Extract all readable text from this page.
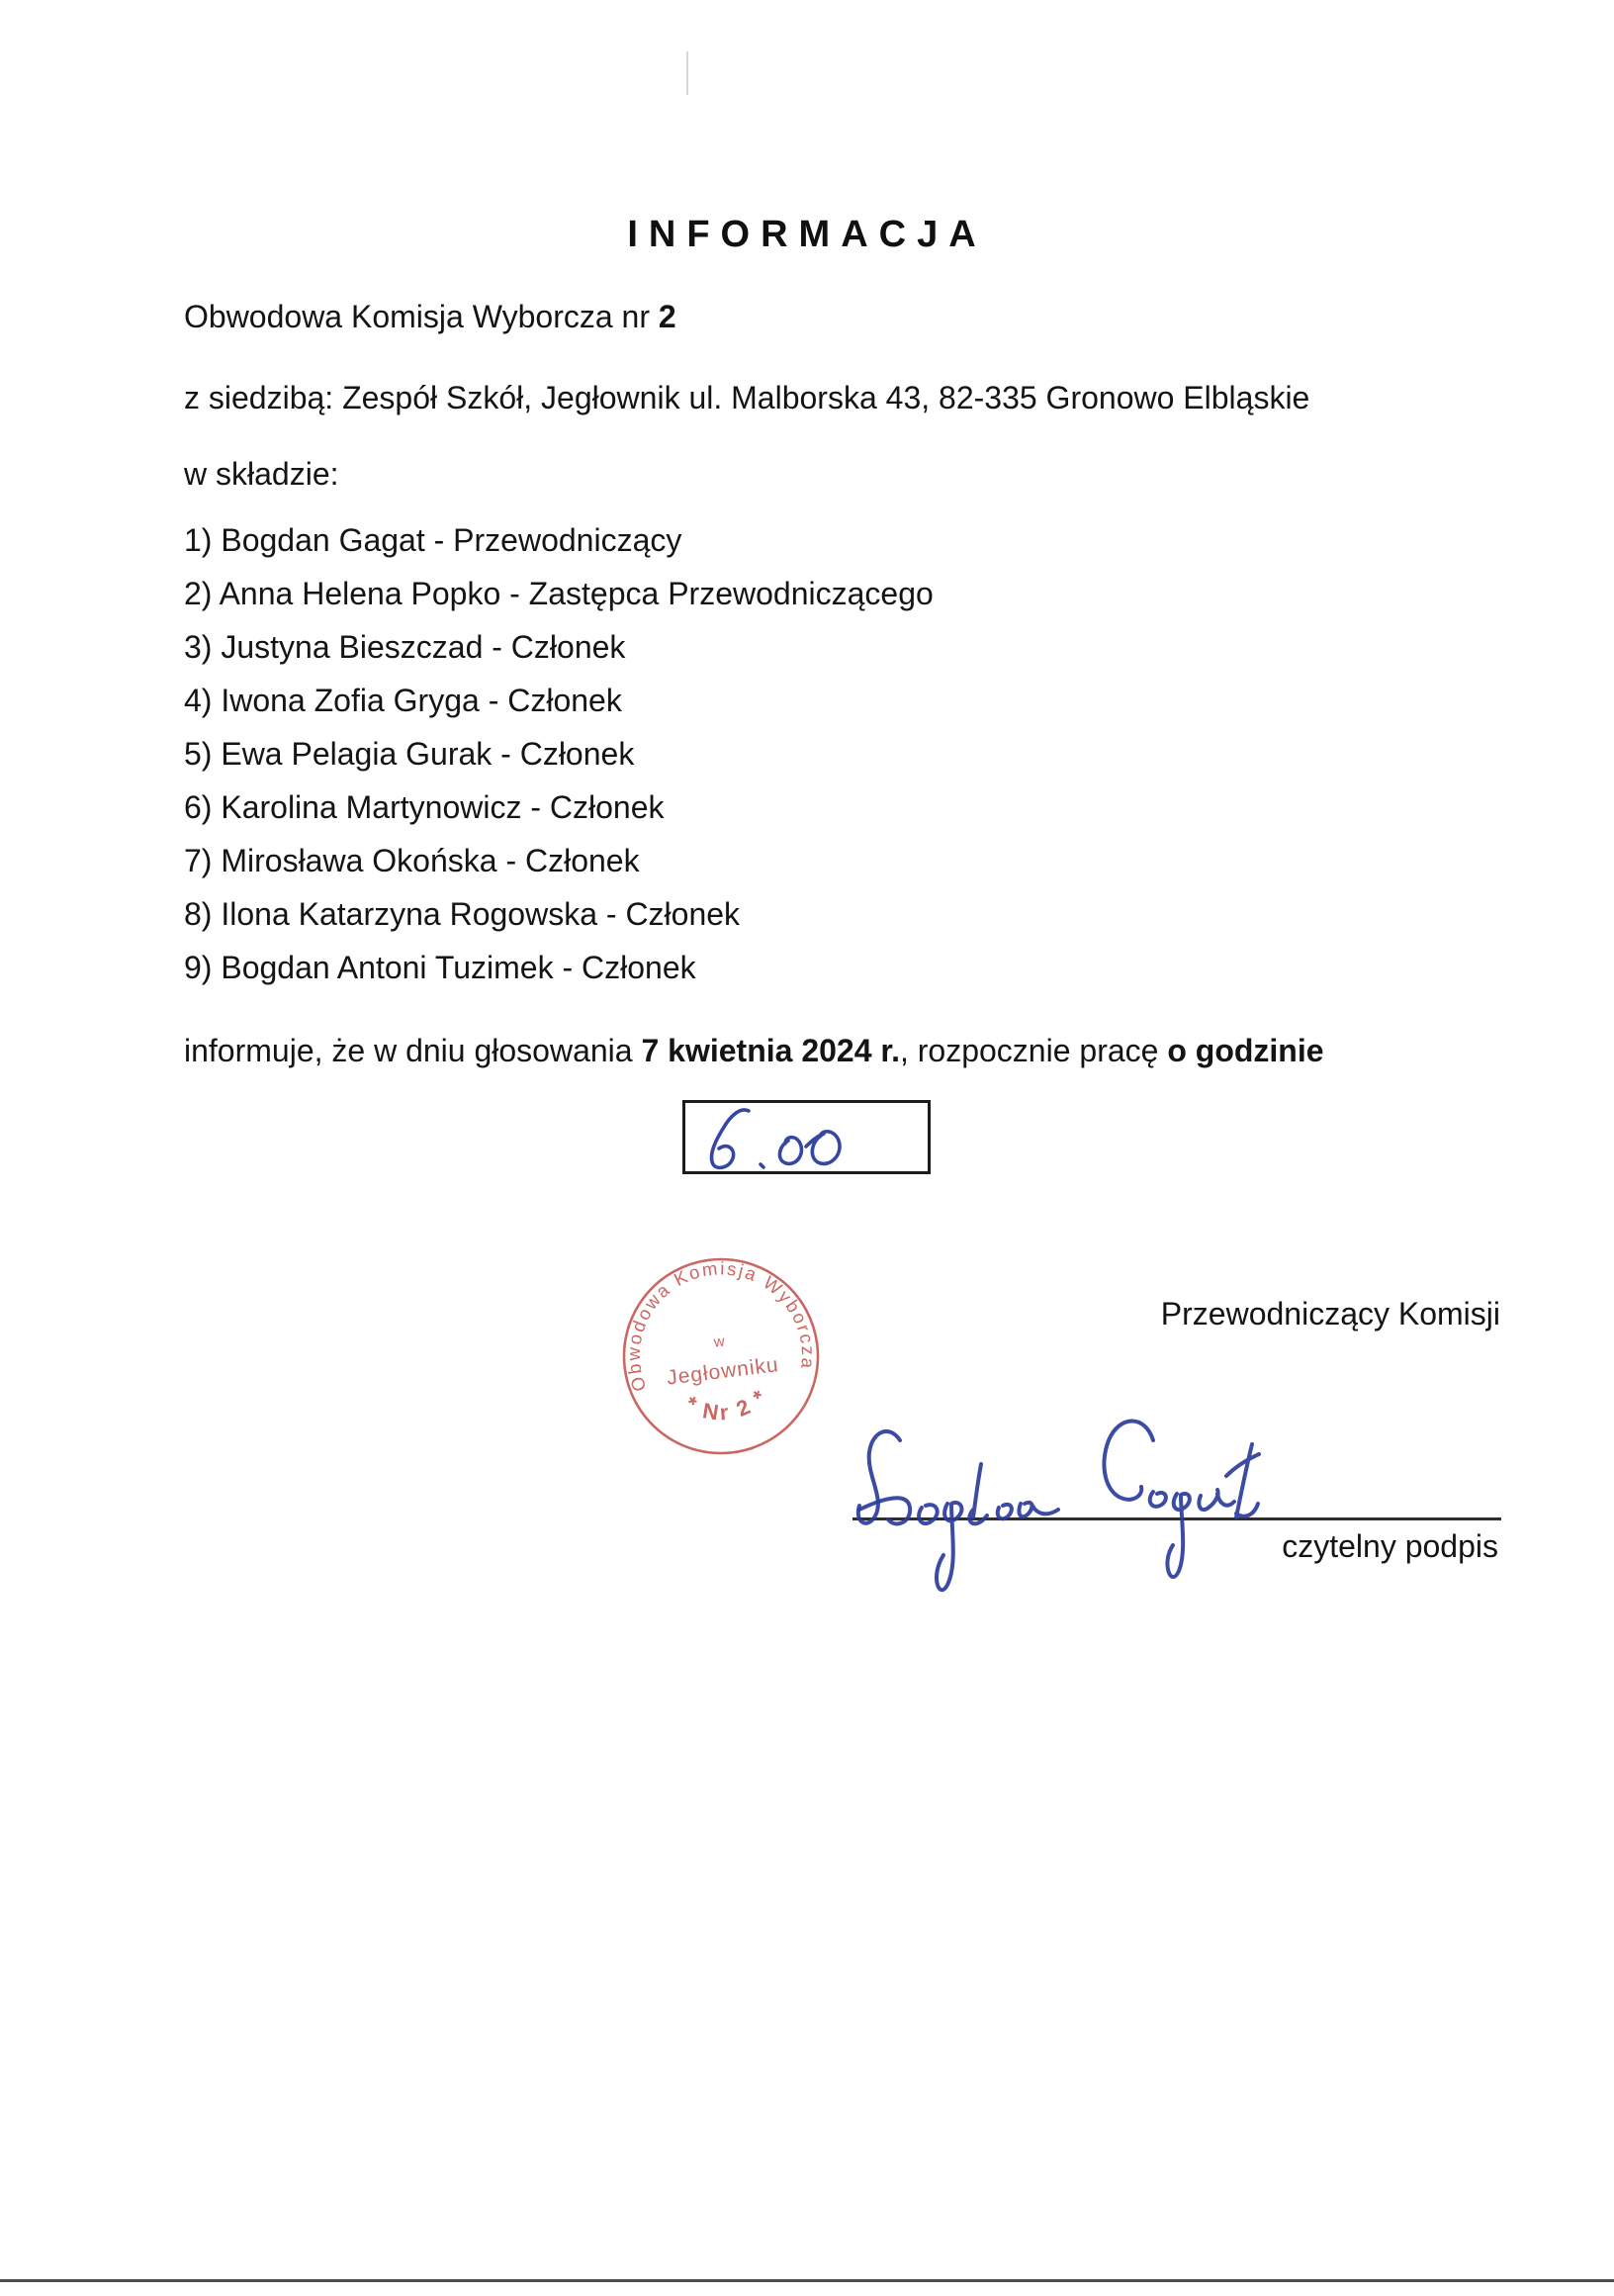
INFORMACJA

Obwodowa Komisja Wyborcza nr 2

z siedzibą: Zespół Szkół, Jegłownik ul. Malborska 43, 82-335 Gronowo Elbląskie

w składzie:

1) Bogdan Gagat - Przewodniczący
2) Anna Helena Popko - Zastępca Przewodniczącego
3) Justyna Bieszczad - Członek
4) Iwona Zofia Gryga - Członek
5) Ewa Pelagia Gurak - Członek
6) Karolina Martynowicz - Członek
7) Mirosława Okońska - Członek
8) Ilona Katarzyna Rogowska - Członek
9) Bogdan Antoni Tuzimek - Członek

informuje, że w dniu głosowania 7 kwietnia 2024 r., rozpocznie pracę o godzinie

Obwodowa Komisja Wyborcza
* Nr 2 *
w
Jegłowniku

Przewodniczący Komisji

czytelny podpis
